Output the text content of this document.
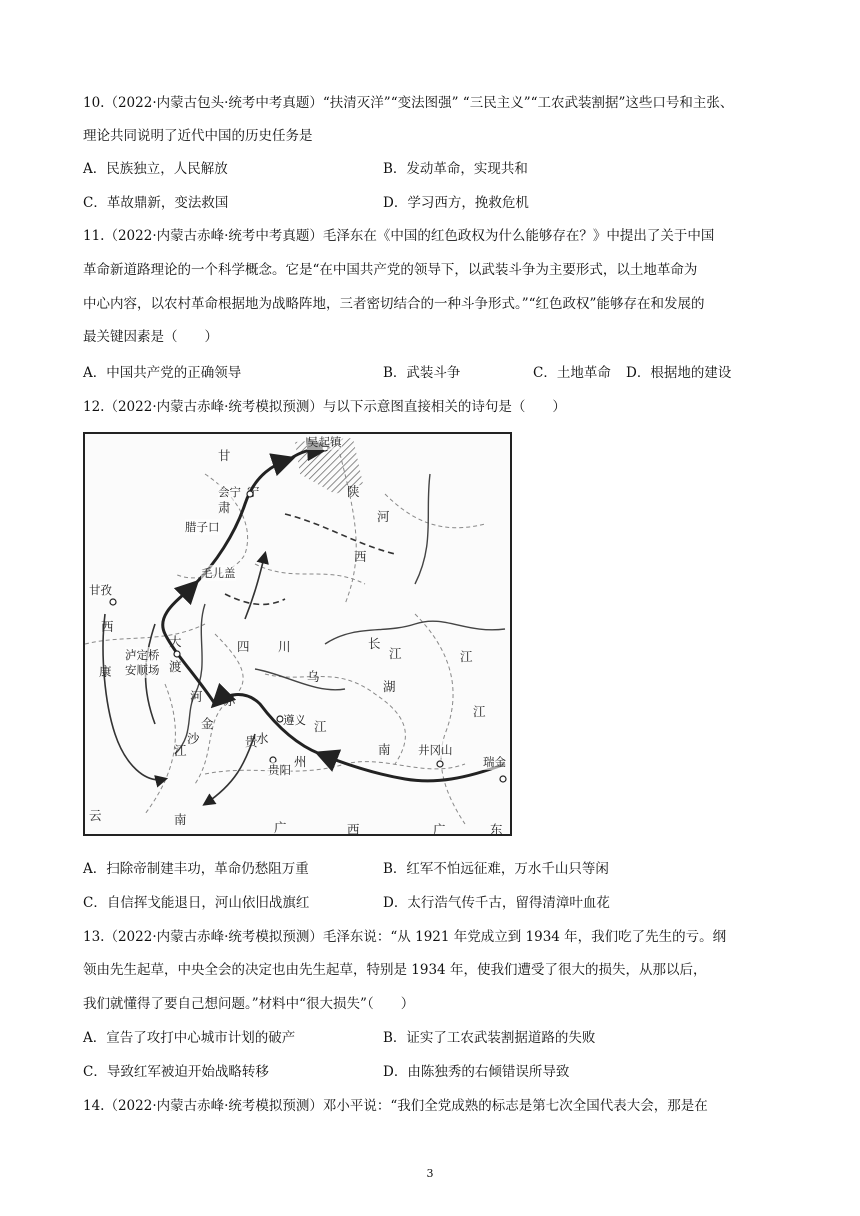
10.（2022·内蒙古包头·统考中考真题）“扶清灭洋”“变法图强” “三民主义”“工农武装割据”这些口号和主张、
理论共同说明了近代中国的历史任务是
A．民族独立，人民解放	B．发动革命，实现共和
C．革故鼎新，变法救国	D．学习西方，挽救危机
11.（2022·内蒙古赤峰·统考中考真题）毛泽东在《中国的红色政权为什么能够存在？》中提出了关于中国
革命新道路理论的一个科学概念。它是“在中国共产党的领导下，以武装斗争为主要形式，以土地革命为
中心内容，以农村革命根据地为战略阵地，三者密切结合的一种斗争形式。”“红色政权”能够存在和发展的
最关键因素是（　　）
A．中国共产党的正确领导	B．武装斗争	C．土地革命 D．根据地的建设
12.（2022·内蒙古赤峰·统考模拟预测）与以下示意图直接相关的诗句是（　　）
吴起镇
会宁
腊子口
毛儿盖
甘孜
泸定桥
安顺场
遵义
贵阳
井冈山
瑞金
甘
肃
宁	陕
西
河
西
康
大
渡
河
四 川	长
乌
江
湖
江
江
赤
金
沙
江
贵
州
南
云	南
广	西	广	东
水
江
A．扫除帝制建丰功，革命仍愁阻万重	B．红军不怕远征难，万水千山只等闲
C．自信挥戈能退日，河山依旧战旗红	D．太行浩气传千古，留得清漳叶血花
13.（2022·内蒙古赤峰·统考模拟预测）毛泽东说：“从 1921 年党成立到 1934 年，我们吃了先生的亏。纲
领由先生起草，中央全会的决定也由先生起草，特别是 1934 年，使我们遭受了很大的损失，从那以后，
我们就懂得了要自己想问题。”材料中“很大损失”（　　）
A．宣告了攻打中心城市计划的破产	B．证实了工农武装割据道路的失败
C．导致红军被迫开始战略转移	D．由陈独秀的右倾错误所导致
14.（2022·内蒙古赤峰·统考模拟预测）邓小平说：“我们全党成熟的标志是第七次全国代表大会，那是在
3
